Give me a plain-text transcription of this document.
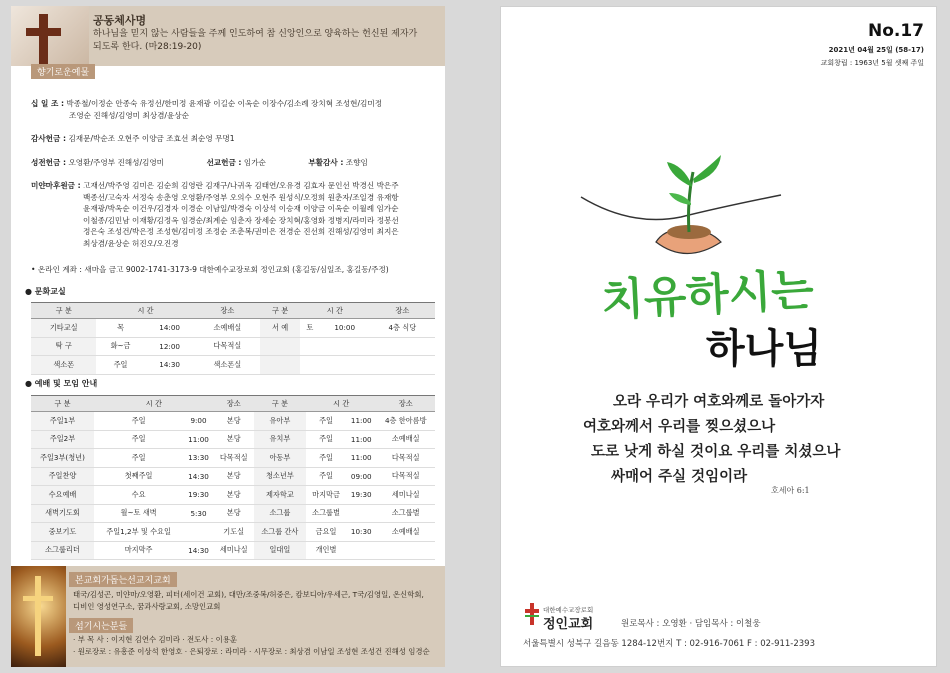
공동체사명
하나님을 믿지 않는 사람들을 주께 인도하여 참 신앙인으로 양육하는 헌신된 제자가 되도록 한다. (마28:19-20)
향기로운예물
십 일 조 : 박종철/이정순 안종숙 유정선/한미정 윤재광 이길순 이옥순 이장수/김소례 장치혁 조성현/김미정
조영순 진해성/김영미 최상겸/윤상순
감사헌금 : 김재문/박순조 오현주 이양금 조효선 최순영 무명1
성전헌금 : 오영환/주영부 진해성/김영미	선교헌금 : 임가순	부활감사 : 조향임
미얀마후원금 : 고재선/박주영 김미은 김순희 김영란 김재구/나귀옥 김태연/오유경 김효자 문인선 박경신 박은주
백종선/고숙자 서정숙 송춘영 오영환/주영부 오의수 오현주 원성식/오정희 원춘자/조일경 유재항
윤재광/박옥순 이건우/김경자 이경순 이남일/박경숙 이상석 이승재 이양금 이옥순 이월례 임가순
이철종/김민남 이재황/김정옥 임경순/최계순 임춘자 장세순 장치혁/홍영화 정병지/라미라 정봉선
정은숙 조성건/박은정 조성현/김미정 조정순 조춘복/권미은 전경순 진선희 진해성/김영미 최지은
최상겸/윤상순 허진오/오진경
• 온라인 계좌 : 새마을 금고 9002-1741-3173-9 대한예수교장로회 정인교회 (홍길동/심일조, 홍길동/주정)
● 문화교실
구 분	시 간		장소	구 분	시 간		장소
기타교실	목	14:00	소예배실	서 예	토	10:00	4층 식당
탁 구	화~금	12:00	다목적실				
색소폰	주일	14:30	색소폰실				
● 예배 및 모임 안내
구 분	시 간		장소	구 분	시 간		장소
주일1부	주일	9:00	본당	유아부	주일	11:00	4층 한아름방
주일2부	주일	11:00	본당	유치부	주일	11:00	소예배실
주일3부(청년)	주일	13:30	다목적실	아동부	주일	11:00	다목적실
주일찬양	첫째주일	14:30	본당	청소년부	주일	09:00	다목적실
수요예배	수요	19:30	본당	제자학교	마지막금	19:30	세미나실
새벽기도회	월~토 새벽	5:30	본당	소그룹	소그룹별		소그룹별
중보기도	주일1,2부 및 수요일		기도실	소그룹 간사	금요일	10:30	소예배실
소그룹리더	마지막주	14:30	세미나실	일대일	개인별		
본교회가돕는선교지교회
태국/김성곤, 미얀마/오영환, 피터(세이건 교회), 대만/조중복/허중은, 캄보디아/우세근, T국/김영일, 온신학회,
디비인 영성연구소, 꿈과사랑교회, 소망인교회
섬기시는분들
· 부 목 사 : 이지현 김연수 김미라 · 전도사 : 이용훈
· 원로장로 : 유흥준 이상석 한영호 · 은퇴장로 : 라미라 · 시무장로 : 최상겸 이남일 조성현 조성건 진해성 임경순
No.17
2021년 04월 25일 (58-17)
교회창립 : 1963년 5월 셋째 주일
치유하시는
하나님
오라 우리가 여호와께로 돌아가자
여호와께서 우리를 찢으셨으나
도로 낫게 하실 것이요 우리를 치셨으나
싸매어 주실 것임이라
호세아 6:1
대한예수교장로회
정인교회	원로목사 : 오영환 · 담임목사 : 이철웅
서울특별시 성북구 길음동 1284-12번지 T : 02-916-7061 F : 02-911-2393
